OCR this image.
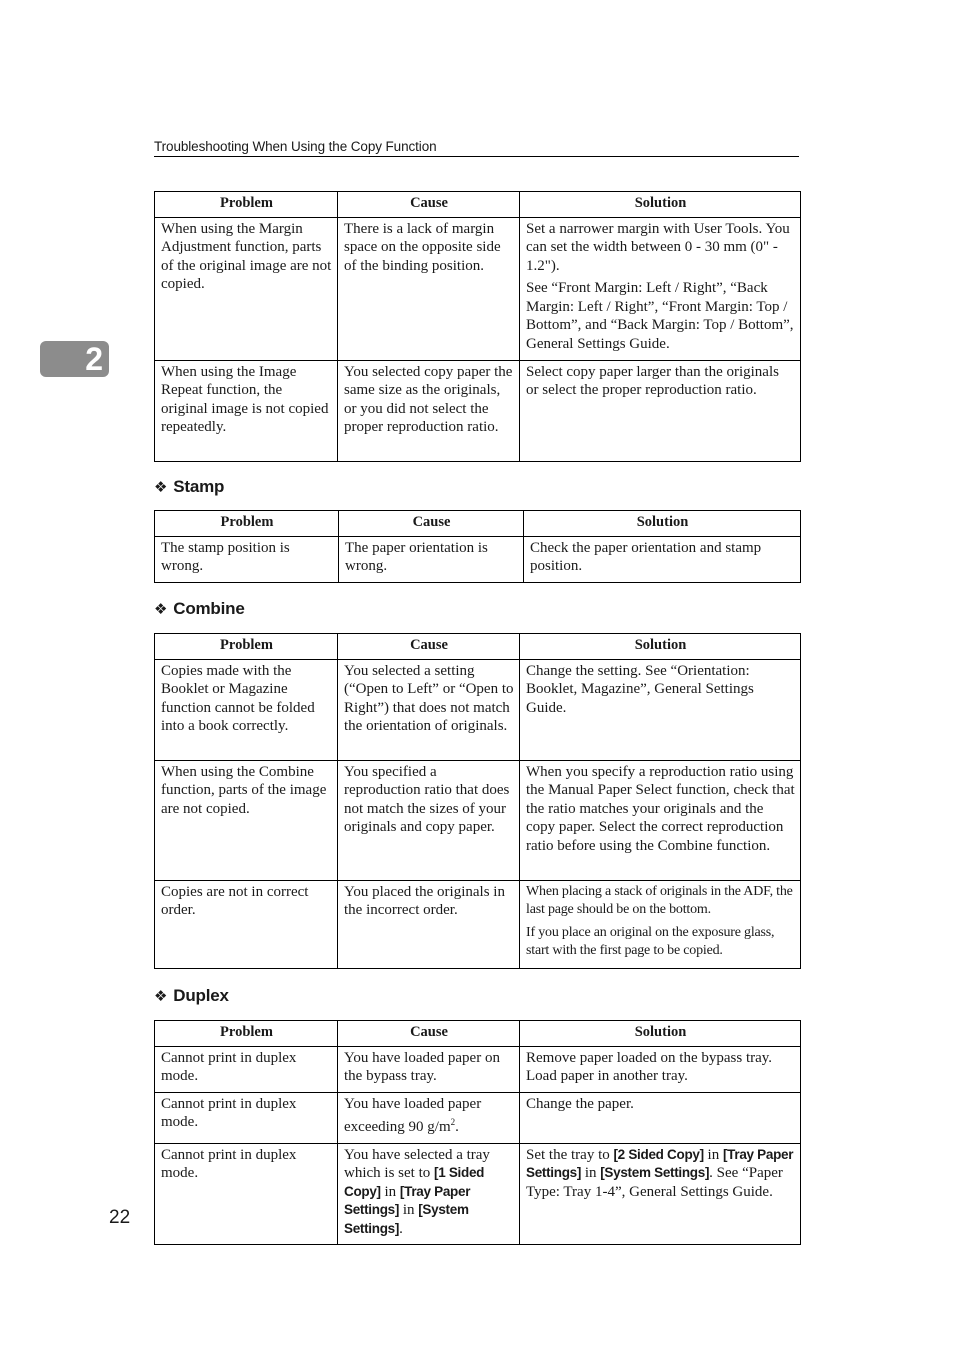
Troubleshooting When Using the Copy Function
2
Problem	Cause	Solution
When using the Margin Adjustment function, parts of the original image are not copied.	There is a lack of margin space on the opposite side of the binding position.	Set a narrower margin with User Tools. You can set the width between 0 - 30 mm (0" - 1.2").

See “Front Margin: Left / Right”, “Back Margin: Left / Right”, “Front Margin: Top / Bottom”, and “Back Margin: Top / Bottom”, General Settings Guide.

When using the Image Repeat function, the original image is not copied repeatedly.	You selected copy paper the same size as the originals, or you did not select the proper reproduction ratio.	Select copy paper larger than the originals or select the proper reproduction ratio.

❖ Stamp
Problem	Cause	Solution
The stamp position is wrong.	The paper orientation is wrong.	Check the paper orientation and stamp position.
❖ Combine
Problem	Cause	Solution
Copies made with the Booklet or Magazine function cannot be folded into a book correctly.	You selected a setting (“Open to Left” or “Open to Right”) that does not match the orientation of originals.	Change the setting. See “Orientation: Booklet, Magazine”, General Settings Guide.
When using the Combine function, parts of the image are not copied.	You specified a reproduction ratio that does not match the sizes of your originals and copy paper.	When you specify a reproduction ratio using the Manual Paper Select function, check that the ratio matches your originals and the copy paper. Select the correct reproduction ratio before using the Combine function.
Copies are not in correct order.	You placed the originals in the incorrect order.	When placing a stack of originals in the ADF, the last page should be on the bottom.

If you place an original on the exposure glass, start with the first page to be copied.

❖ Duplex
Problem	Cause	Solution
Cannot print in duplex mode.	You have loaded paper on the bypass tray.	Remove paper loaded on the bypass tray. Load paper in another tray.
Cannot print in duplex mode.	You have loaded paper exceeding 90 $g/m^2$.	Change the paper.
Cannot print in duplex mode.	You have selected a tray which is set to [1 Sided Copy] in [Tray Paper Settings] in [System Settings].	Set the tray to [2 Sided Copy] in [Tray Paper Settings] in [System Settings]. See “Paper Type: Tray 1-4”, General Settings Guide.
22
